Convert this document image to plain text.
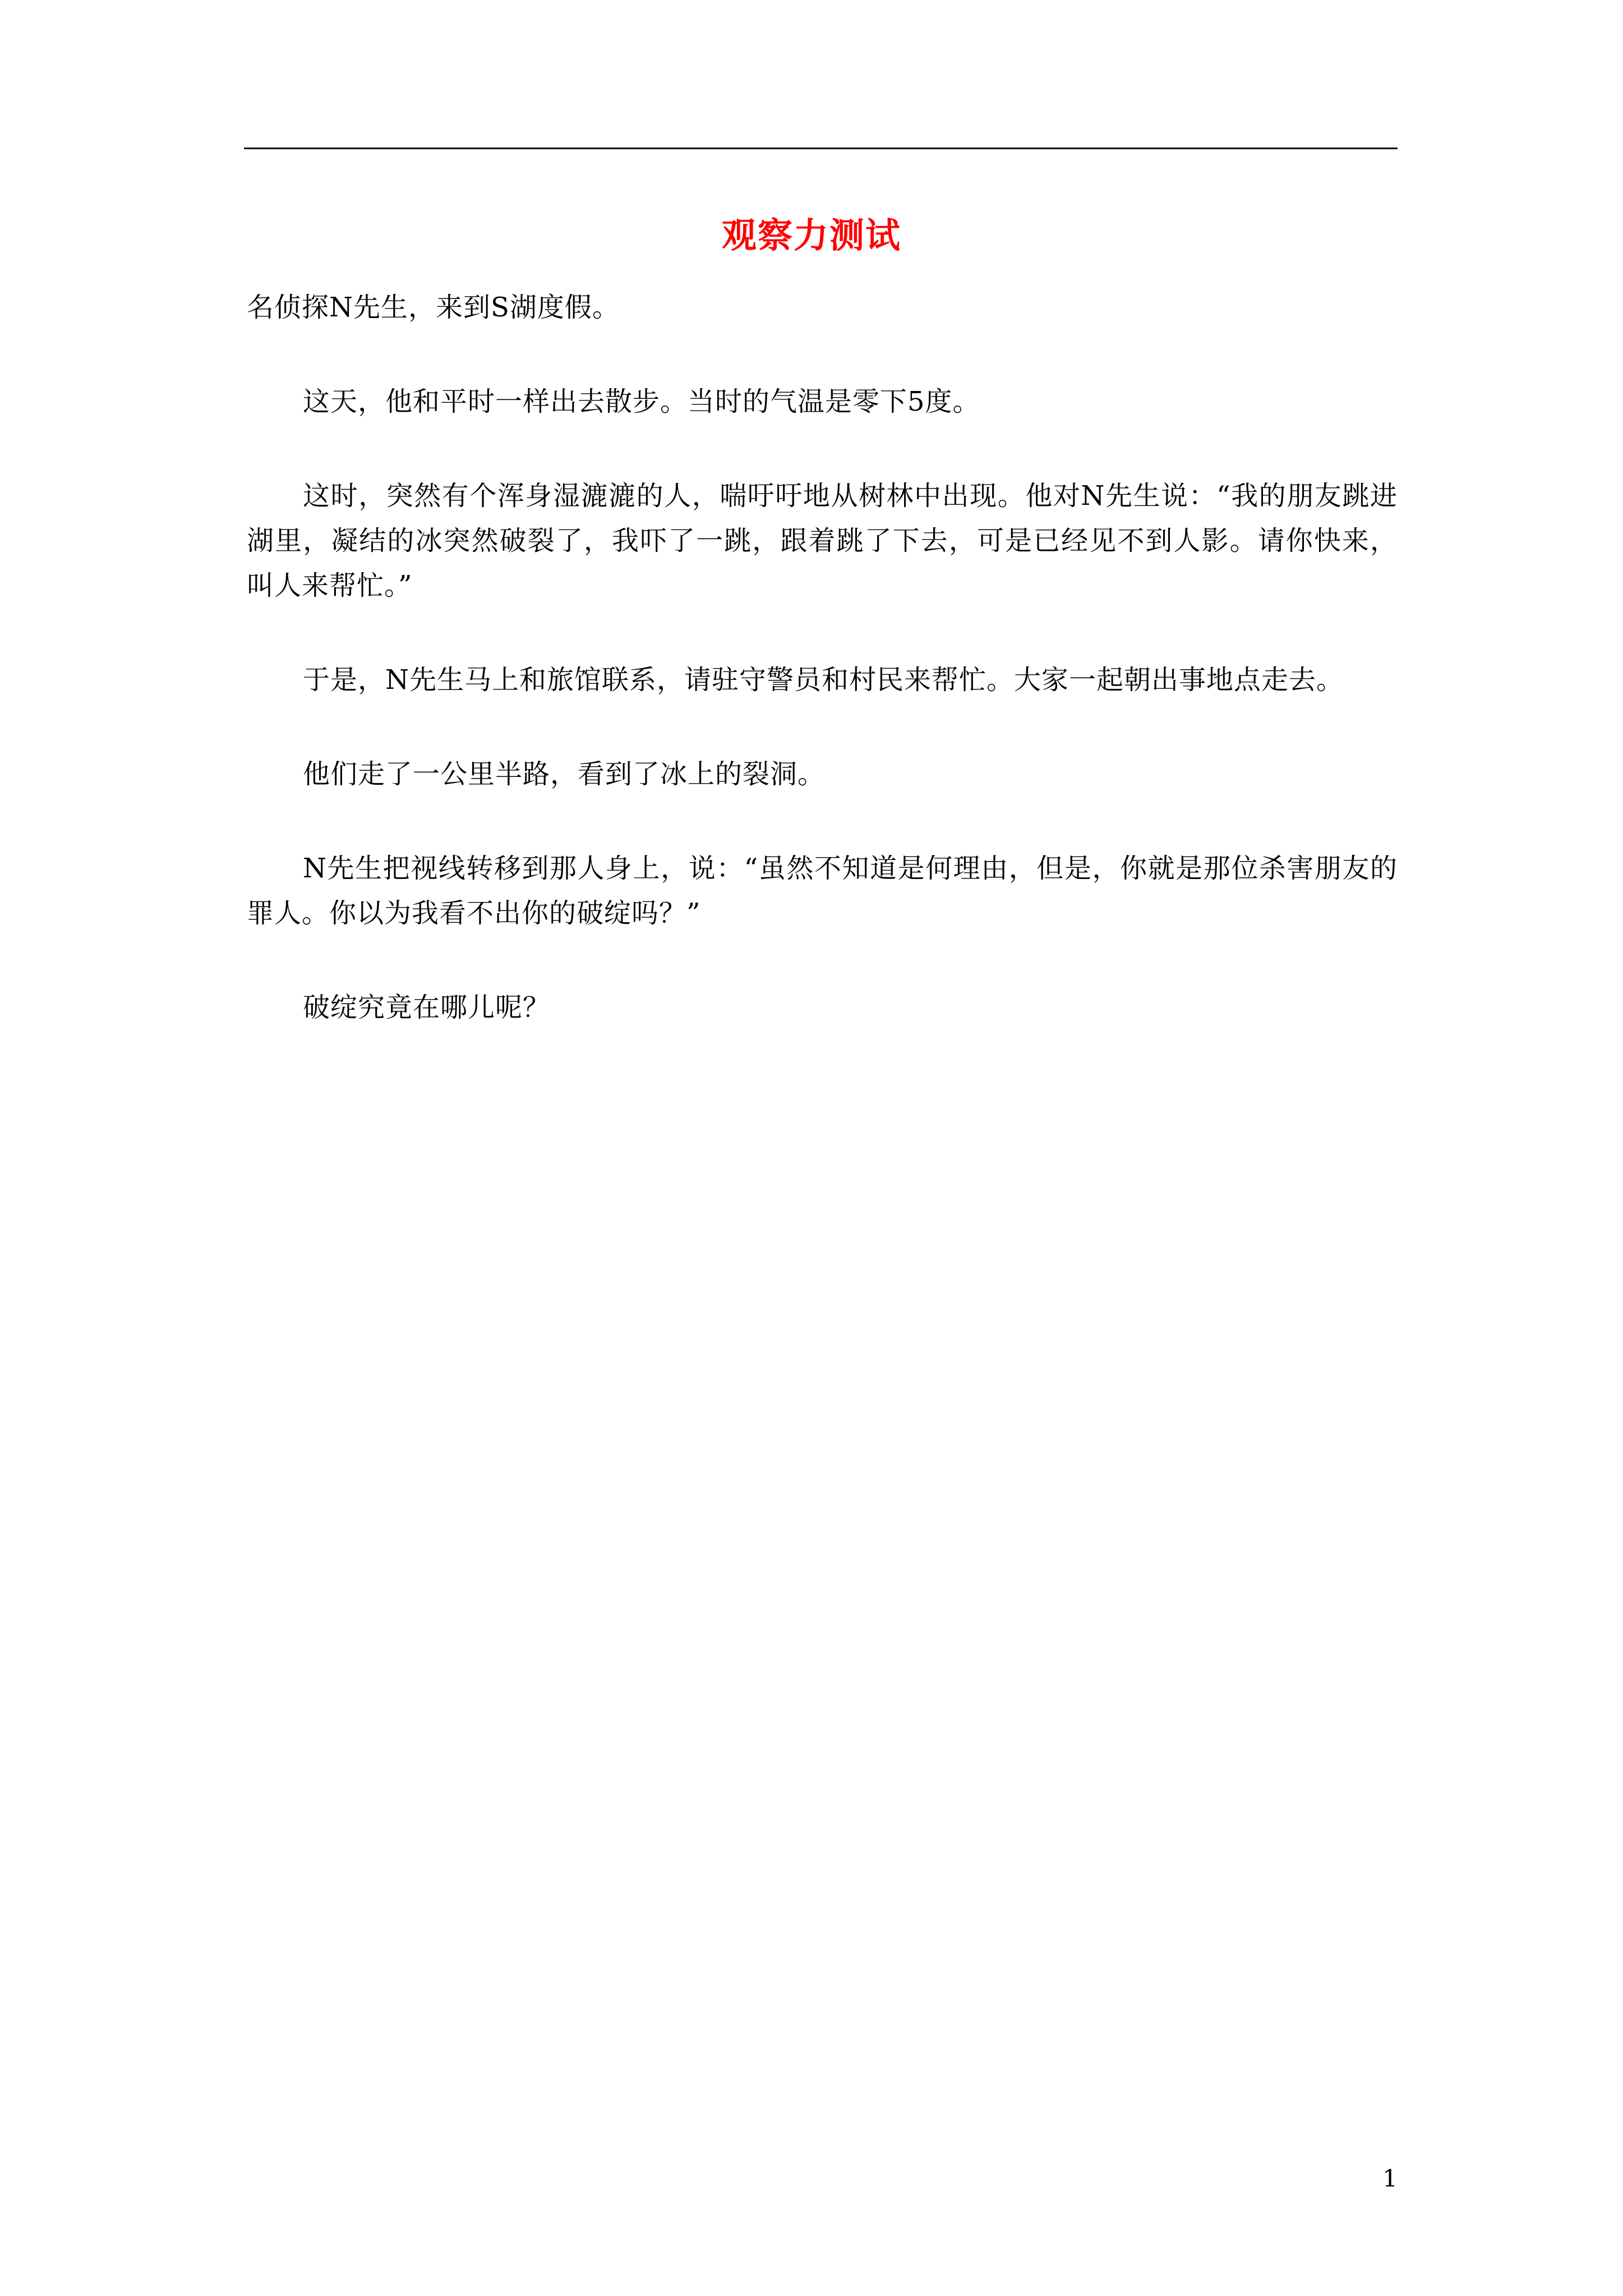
观察力测试

名侦探N先生，来到S湖度假。

这天，他和平时一样出去散步。当时的气温是零下5度。

这时，突然有个浑身湿漉漉的人，喘吁吁地从树林中出现。他对N先生说：“我的朋友跳进湖里，凝结的冰突然破裂了，我吓了一跳，跟着跳了下去，可是已经见不到人影。请你快来，叫人来帮忙。”

于是，N先生马上和旅馆联系，请驻守警员和村民来帮忙。大家一起朝出事地点走去。

他们走了一公里半路，看到了冰上的裂洞。

N先生把视线转移到那人身上，说：“虽然不知道是何理由，但是，你就是那位杀害朋友的罪人。你以为我看不出你的破绽吗？”

破绽究竟在哪儿呢？

1
